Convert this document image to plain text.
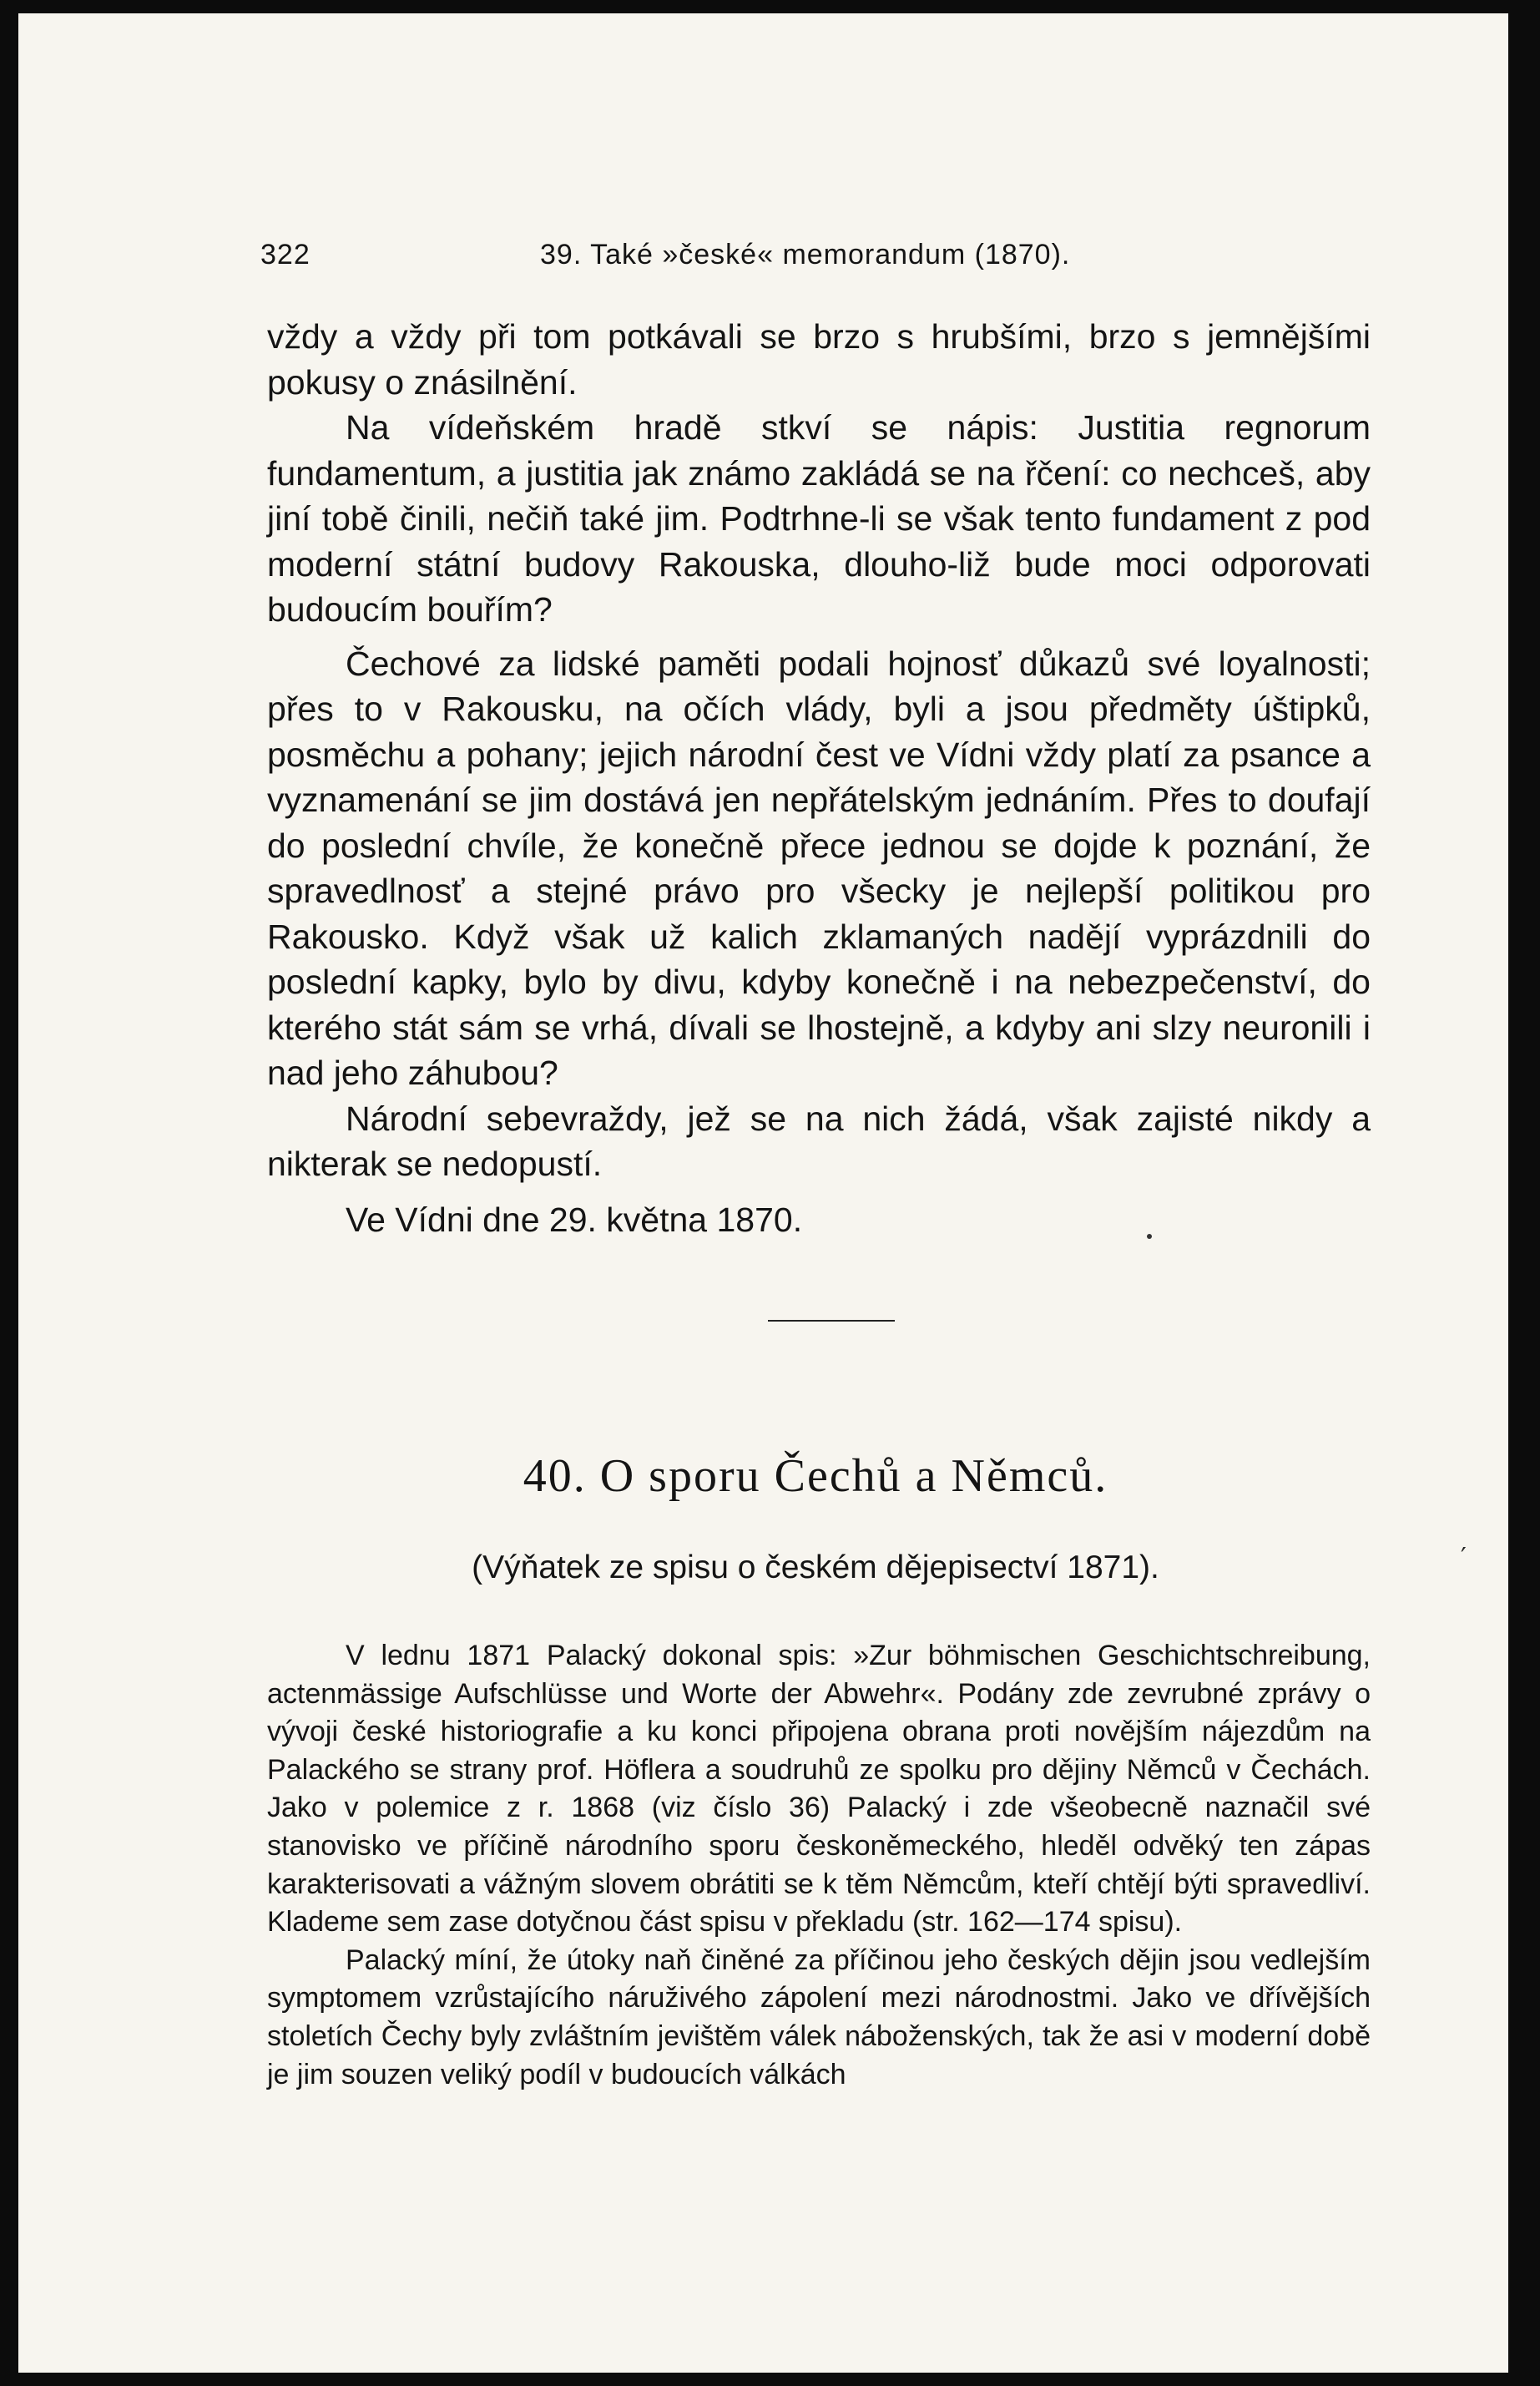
322	39. Také »české« memorandum (1870).

vždy a vždy při tom potkávali se brzo s hrubšími, brzo s jemnějšími pokusy o znásilnění.

Na vídeňském hradě stkví se nápis: Justitia regnorum fundamentum, a justitia jak známo zakládá se na řčení: co nechceš, aby jiní tobě činili, nečiň také jim. Podtrhne-li se však tento fundament z pod moderní státní budovy Rakouska, dlouho-liž bude moci odporovati budoucím bouřím?

Čechové za lidské paměti podali hojnosť důkazů své loyalnosti; přes to v Rakousku, na očích vlády, byli a jsou předměty úštipků, posměchu a pohany; jejich národní čest ve Vídni vždy platí za psance a vyznamenání se jim dostává jen nepřátelským jednáním. Přes to doufají do poslední chvíle, že konečně přece jednou se dojde k poznání, že spravedlnosť a stejné právo pro všecky je nejlepší politikou pro Rakousko. Když však už kalich zklamaných nadějí vyprázdnili do poslední kapky, bylo by divu, kdyby konečně i na nebezpečenství, do kterého stát sám se vrhá, dívali se lhostejně, a kdyby ani slzy neuronili i nad jeho záhubou?

Národní sebevraždy, jež se na nich žádá, však zajisté nikdy a nikterak se nedopustí.

Ve Vídni dne 29. května 1870.

40. O sporu Čechů a Němců.
(Výňatek ze spisu o českém dějepisectví 1871).	′

V lednu 1871 Palacký dokonal spis: »Zur böhmischen Geschichtschreibung, actenmässige Aufschlüsse und Worte der Abwehr«. Podány zde zevrubné zprávy o vývoji české historiografie a ku konci připojena obrana proti novějším nájezdům na Palackého se strany prof. Höflera a soudruhů ze spolku pro dějiny Němců v Čechách. Jako v polemice z r. 1868 (viz číslo 36) Palacký i zde všeobecně naznačil své stanovisko ve příčině národního sporu českoněmeckého, hleděl odvěký ten zápas karakterisovati a vážným slovem obrátiti se k těm Němcům, kteří chtějí býti spravedliví. Klademe sem zase dotyčnou část spisu v překladu (str. 162—174 spisu).

Palacký míní, že útoky naň činěné za příčinou jeho českých dějin jsou vedlejším symptomem vzrůstajícího náruživého zápolení mezi národnostmi. Jako ve dřívějších stoletích Čechy byly zvláštním jevištěm válek náboženských, tak že asi v moderní době je jim souzen veliký podíl v budoucích válkách
